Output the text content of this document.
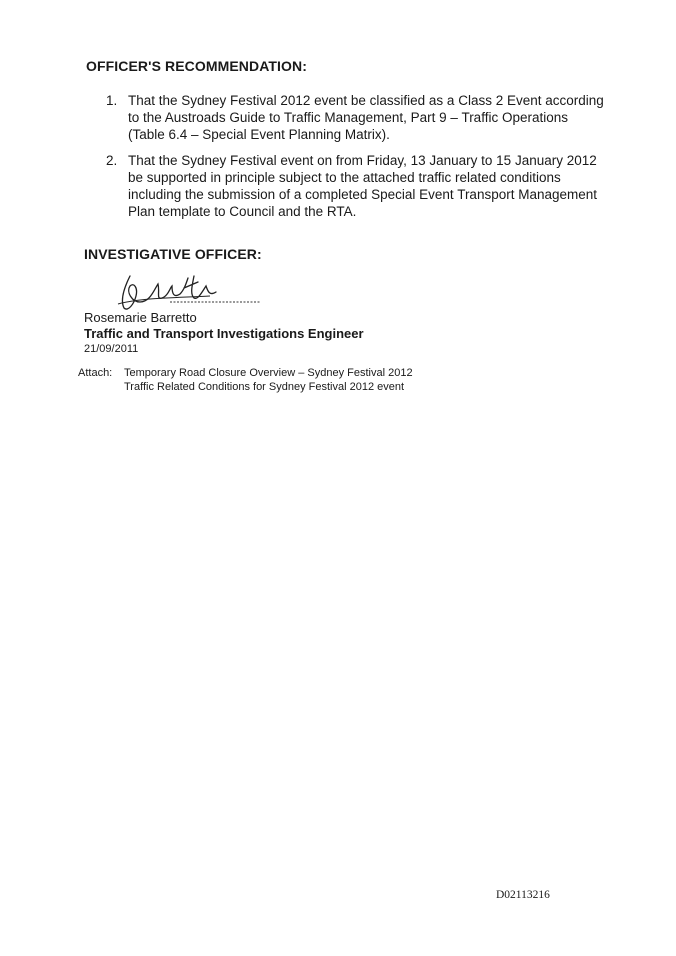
OFFICER'S RECOMMENDATION:
1. That the Sydney Festival 2012 event be classified as a Class 2 Event according
to the Austroads Guide to Traffic Management, Part 9 – Traffic Operations
(Table 6.4 – Special Event Planning Matrix).
2. That the Sydney Festival event on from Friday, 13 January to 15 January 2012
be supported in principle subject to the attached traffic related conditions
including the submission of a completed Special Event Transport Management
Plan template to Council and the RTA.
INVESTIGATIVE OFFICER:
Rosemarie Barretto
Traffic and Transport Investigations Engineer
21/09/2011
Attach: Temporary Road Closure Overview – Sydney Festival 2012
Traffic Related Conditions for Sydney Festival 2012 event
D02113216
